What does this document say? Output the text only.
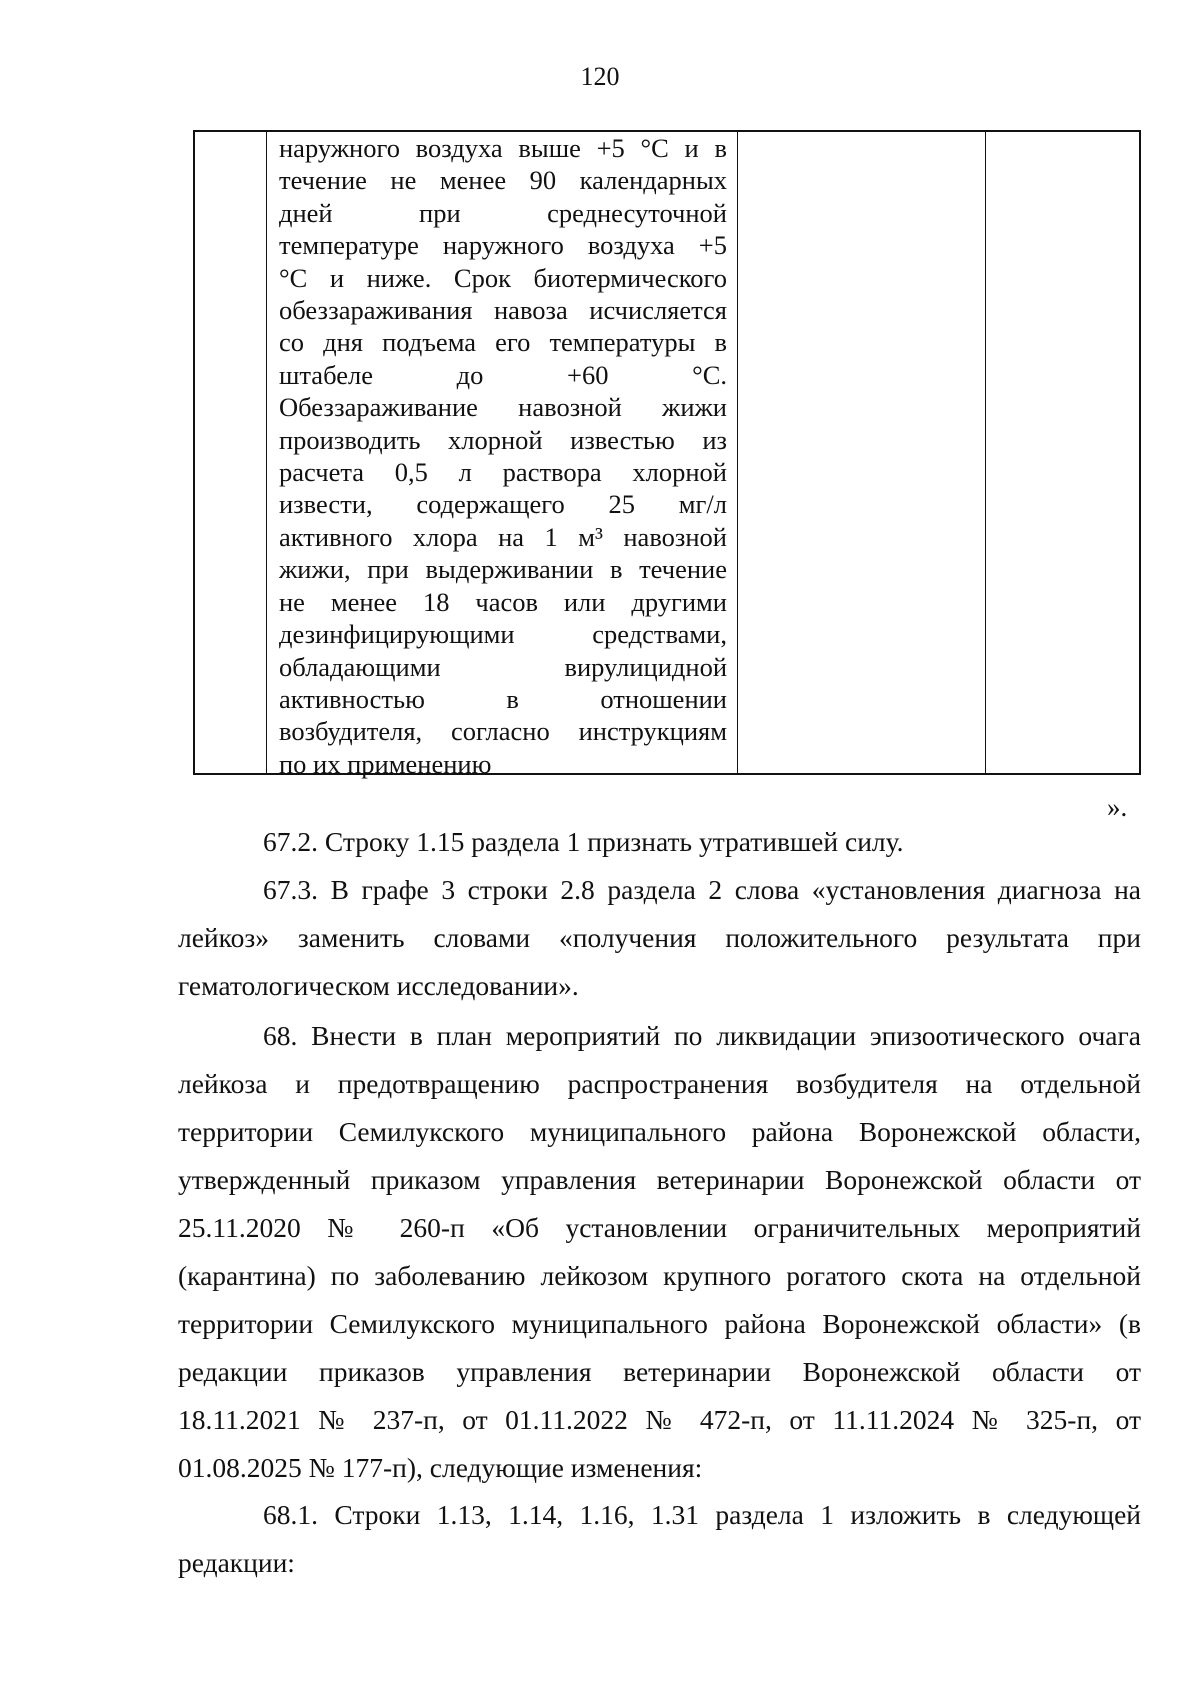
120

наружного воздуха выше +5 °С и в
течение не менее 90 календарных
дней при среднесуточной
температуре наружного воздуха +5
°С и ниже. Срок биотермического
обеззараживания навоза исчисляется
со дня подъема его температуры в
штабеле до +60 °С.
Обеззараживание навозной жижи
производить хлорной известью из
расчета 0,5 л раствора хлорной
извести, содержащего 25 мг/л
активного хлора на 1 м³ навозной
жижи, при выдерживании в течение
не менее 18 часов или другими
дезинфицирующими средствами,
обладающими вирулицидной
активностью в отношении
возбудителя, согласно инструкциям
по их применению

».

67.2. Строку 1.15 раздела 1 признать утратившей силу.

67.3. В графе 3 строки 2.8 раздела 2 слова «установления диагноза на
лейкоз» заменить словами «получения положительного результата при
гематологическом исследовании».

68. Внести в план мероприятий по ликвидации эпизоотического очага
лейкоза и предотвращению распространения возбудителя на отдельной
территории Семилукского муниципального района Воронежской области,
утвержденный приказом управления ветеринарии Воронежской области от
25.11.2020 № 260-п «Об установлении ограничительных мероприятий
(карантина) по заболеванию лейкозом крупного рогатого скота на отдельной
территории Семилукского муниципального района Воронежской области» (в
редакции приказов управления ветеринарии Воронежской области от
18.11.2021 № 237-п, от 01.11.2022 № 472-п, от 11.11.2024 № 325-п, от
01.08.2025 № 177-п), следующие изменения:

68.1. Строки 1.13, 1.14, 1.16, 1.31 раздела 1 изложить в следующей
редакции:
